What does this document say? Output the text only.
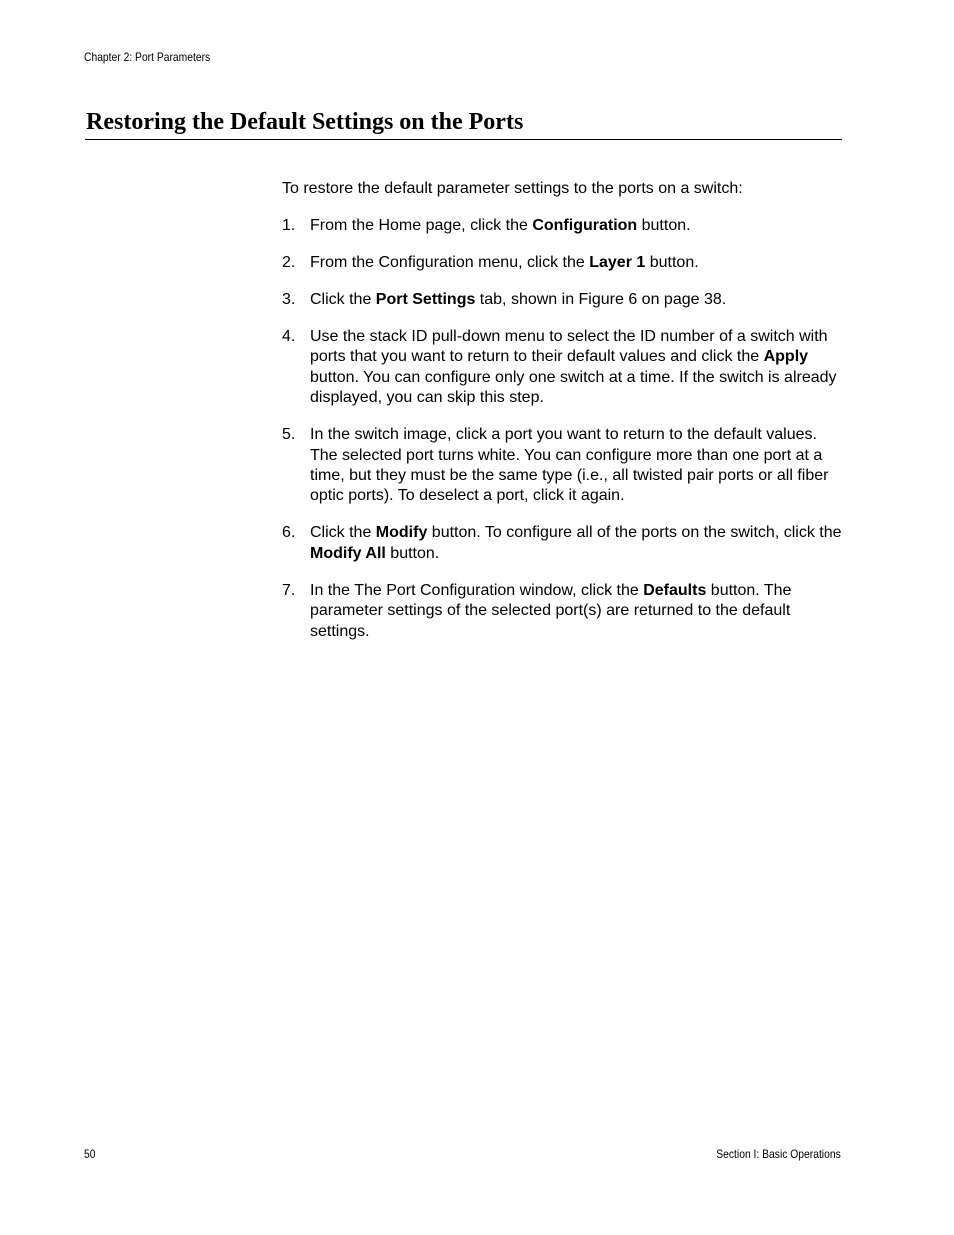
Chapter 2: Port Parameters
Restoring the Default Settings on the Ports

To restore the default parameter settings to the ports on a switch:

1. From the Home page, click the Configuration button.
2. From the Configuration menu, click the Layer 1 button.
3. Click the Port Settings tab, shown in Figure 6 on page 38.
4. Use the stack ID pull-down menu to select the ID number of a switch with ports that you want to return to their default values and click the Apply button. You can configure only one switch at a time. If the switch is already displayed, you can skip this step.
5. In the switch image, click a port you want to return to the default values. The selected port turns white. You can configure more than one port at a time, but they must be the same type (i.e., all twisted pair ports or all fiber optic ports). To deselect a port, click it again.
6. Click the Modify button. To configure all of the ports on the switch, click the Modify All button.
7. In the The Port Configuration window, click the Defaults button. The parameter settings of the selected port(s) are returned to the default settings.
50	Section I: Basic Operations
